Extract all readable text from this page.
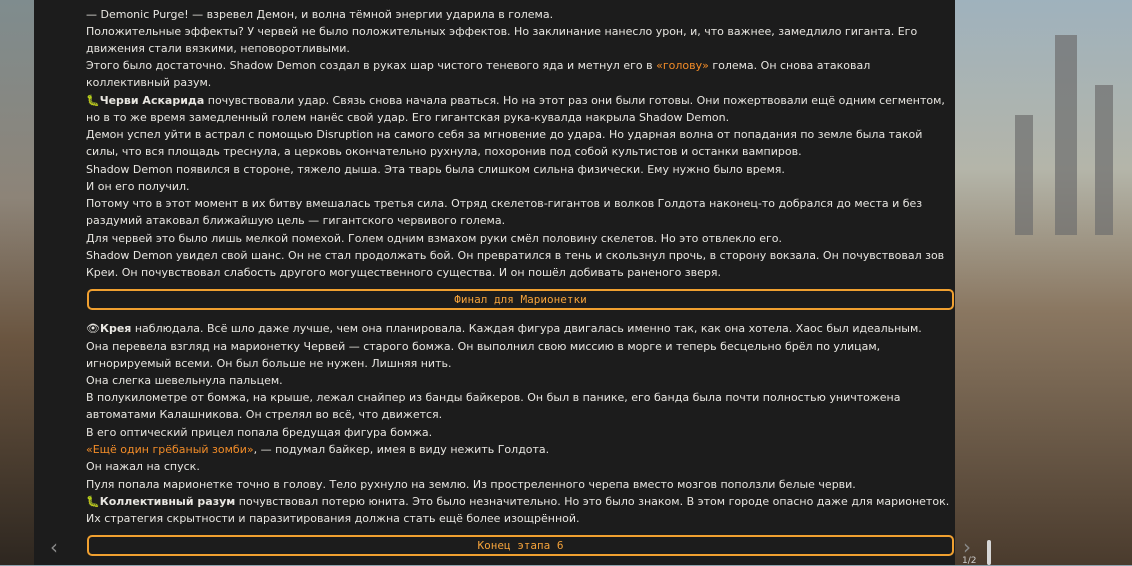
— Demonic Purge! — взревел Демон, и волна тёмной энергии ударила в голема.

Положительные эффекты? У червей не было положительных эффектов. Но заклинание нанесло урон, и, что важнее, замедлило гиганта. Его движения стали вязкими, неповоротливыми.

Этого было достаточно. Shadow Demon создал в руках шар чистого теневого яда и метнул его в «голову» голема. Он снова атаковал коллективный разум.

🐛Черви Аскарида почувствовали удар. Связь снова начала рваться. Но на этот раз они были готовы. Они пожертвовали ещё одним сегментом, но в то же время замедленный голем нанёс свой удар. Его гигантская рука-кувалда накрыла Shadow Demon.

Демон успел уйти в астрал с помощью Disruption на самого себя за мгновение до удара. Но ударная волна от попадания по земле была такой силы, что вся площадь треснула, а церковь окончательно рухнула, похоронив под собой культистов и останки вампиров.

Shadow Demon появился в стороне, тяжело дыша. Эта тварь была слишком сильна физически. Ему нужно было время.

И он его получил.

Потому что в этот момент в их битву вмешалась третья сила. Отряд скелетов-гигантов и волков Голдота наконец-то добрался до места и без раздумий атаковал ближайшую цель — гигантского червивого голема.

Для червей это было лишь мелкой помехой. Голем одним взмахом руки смёл половину скелетов. Но это отвлекло его.

Shadow Demon увидел свой шанс. Он не стал продолжать бой. Он превратился в тень и скользнул прочь, в сторону вокзала. Он почувствовал зов Креи. Он почувствовал слабость другого могущественного существа. И он пошёл добивать раненого зверя.

👁Крея наблюдала. Всё шло даже лучше, чем она планировала. Каждая фигура двигалась именно так, как она хотела. Хаос был идеальным.

Она перевела взгляд на марионетку Червей — старого бомжа. Он выполнил свою миссию в морге и теперь бесцельно брёл по улицам, игнорируемый всеми. Он был больше не нужен. Лишняя нить.

Она слегка шевельнула пальцем.

В полукилометре от бомжа, на крыше, лежал снайпер из банды байкеров. Он был в панике, его банда была почти полностью уничтожена автоматами Калашникова. Он стрелял во всё, что движется.

В его оптический прицел попала бредущая фигура бомжа.

«Ещё один грёбаный зомби», — подумал байкер, имея в виду нежить Голдота.

Он нажал на спуск.

Пуля попала марионетке точно в голову. Тело рухнуло на землю. Из простреленного черепа вместо мозгов поползли белые черви.

🐛Коллективный разум почувствовал потерю юнита. Это было незначительно. Но это было знаком. В этом городе опасно даже для марионеток. Их стратегия скрытности и паразитирования должна стать ещё более изощрённой.

Финал для Марионетки
Конец этапа 6
‹	›
1/2
